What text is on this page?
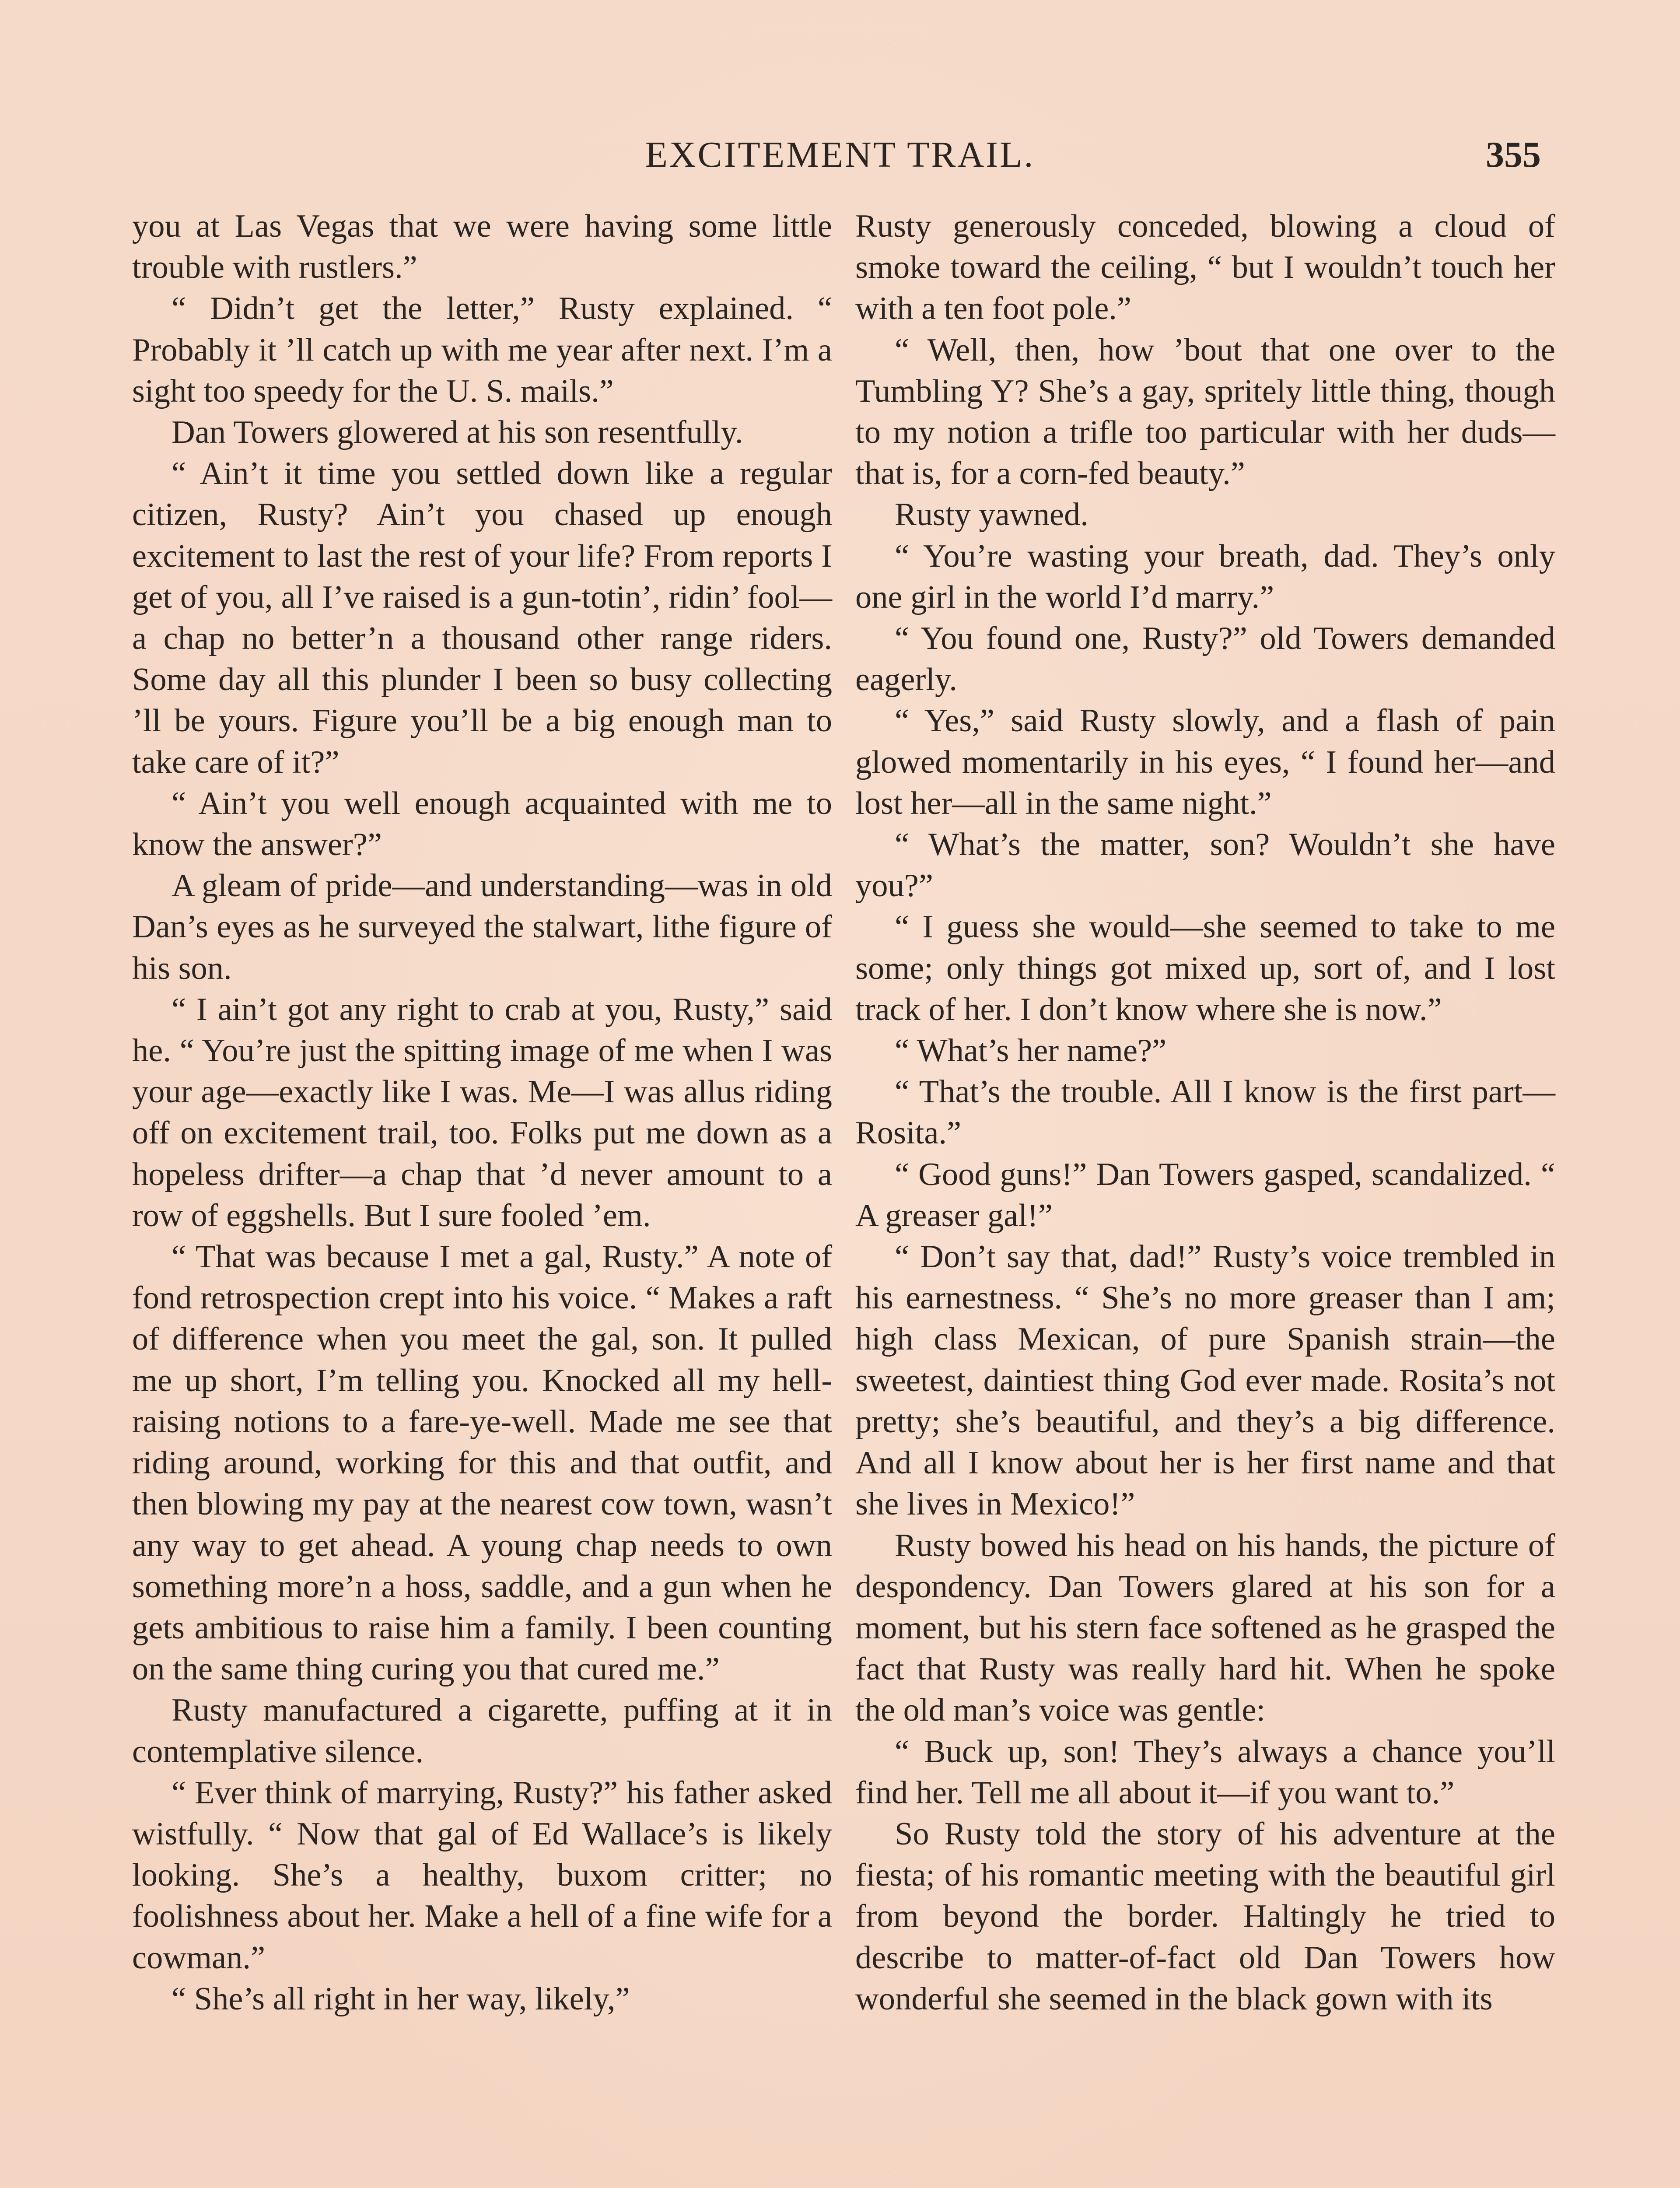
EXCITEMENT TRAIL.	355

you at Las Vegas that we were having some little trouble with rustlers.”

“ Didn’t get the letter,” Rusty explained. “ Probably it ’ll catch up with me year after next. I’m a sight too speedy for the U. S. mails.”

Dan Towers glowered at his son resentfully.

“ Ain’t it time you settled down like a regular citizen, Rusty? Ain’t you chased up enough excitement to last the rest of your life? From reports I get of you, all I’ve raised is a gun-totin’, ridin’ fool—a chap no better’n a thousand other range riders. Some day all this plunder I been so busy collecting ’ll be yours. Figure you’ll be a big enough man to take care of it?”

“ Ain’t you well enough acquainted with me to know the answer?”

A gleam of pride—and understanding—was in old Dan’s eyes as he surveyed the stalwart, lithe figure of his son.

“ I ain’t got any right to crab at you, Rusty,” said he. “ You’re just the spitting image of me when I was your age—exactly like I was. Me—I was allus riding off on excitement trail, too. Folks put me down as a hopeless drifter—a chap that ’d never amount to a row of eggshells. But I sure fooled ’em.

“ That was because I met a gal, Rusty.” A note of fond retrospection crept into his voice. “ Makes a raft of difference when you meet the gal, son. It pulled me up short, I’m telling you. Knocked all my hell-raising notions to a fare-ye-well. Made me see that riding around, working for this and that outfit, and then blowing my pay at the nearest cow town, wasn’t any way to get ahead. A young chap needs to own something more’n a hoss, saddle, and a gun when he gets ambitious to raise him a family. I been counting on the same thing curing you that cured me.”

Rusty manufactured a cigarette, puffing at it in contemplative silence.

“ Ever think of marrying, Rusty?” his father asked wistfully. “ Now that gal of Ed Wallace’s is likely looking. She’s a healthy, buxom critter; no foolishness about her. Make a hell of a fine wife for a cowman.”

“ She’s all right in her way, likely,”

Rusty generously conceded, blowing a cloud of smoke toward the ceiling, “ but I wouldn’t touch her with a ten foot pole.”

“ Well, then, how ’bout that one over to the Tumbling Y? She’s a gay, spritely little thing, though to my notion a trifle too particular with her duds—that is, for a corn-fed beauty.”

Rusty yawned.

“ You’re wasting your breath, dad. They’s only one girl in the world I’d marry.”

“ You found one, Rusty?” old Towers demanded eagerly.

“ Yes,” said Rusty slowly, and a flash of pain glowed momentarily in his eyes, “ I found her—and lost her—all in the same night.”

“ What’s the matter, son? Wouldn’t she have you?”

“ I guess she would—she seemed to take to me some; only things got mixed up, sort of, and I lost track of her. I don’t know where she is now.”

“ What’s her name?”

“ That’s the trouble. All I know is the first part—Rosita.”

“ Good guns!” Dan Towers gasped, scandalized. “ A greaser gal!”

“ Don’t say that, dad!” Rusty’s voice trembled in his earnestness. “ She’s no more greaser than I am; high class Mexican, of pure Spanish strain—the sweetest, daintiest thing God ever made. Rosita’s not pretty; she’s beautiful, and they’s a big difference. And all I know about her is her first name and that she lives in Mexico!”

Rusty bowed his head on his hands, the picture of despondency. Dan Towers glared at his son for a moment, but his stern face softened as he grasped the fact that Rusty was really hard hit. When he spoke the old man’s voice was gentle:

“ Buck up, son! They’s always a chance you’ll find her. Tell me all about it—if you want to.”

So Rusty told the story of his adventure at the fiesta; of his romantic meeting with the beautiful girl from beyond the border. Haltingly he tried to describe to matter-of-fact old Dan Towers how wonderful she seemed in the black gown with its
